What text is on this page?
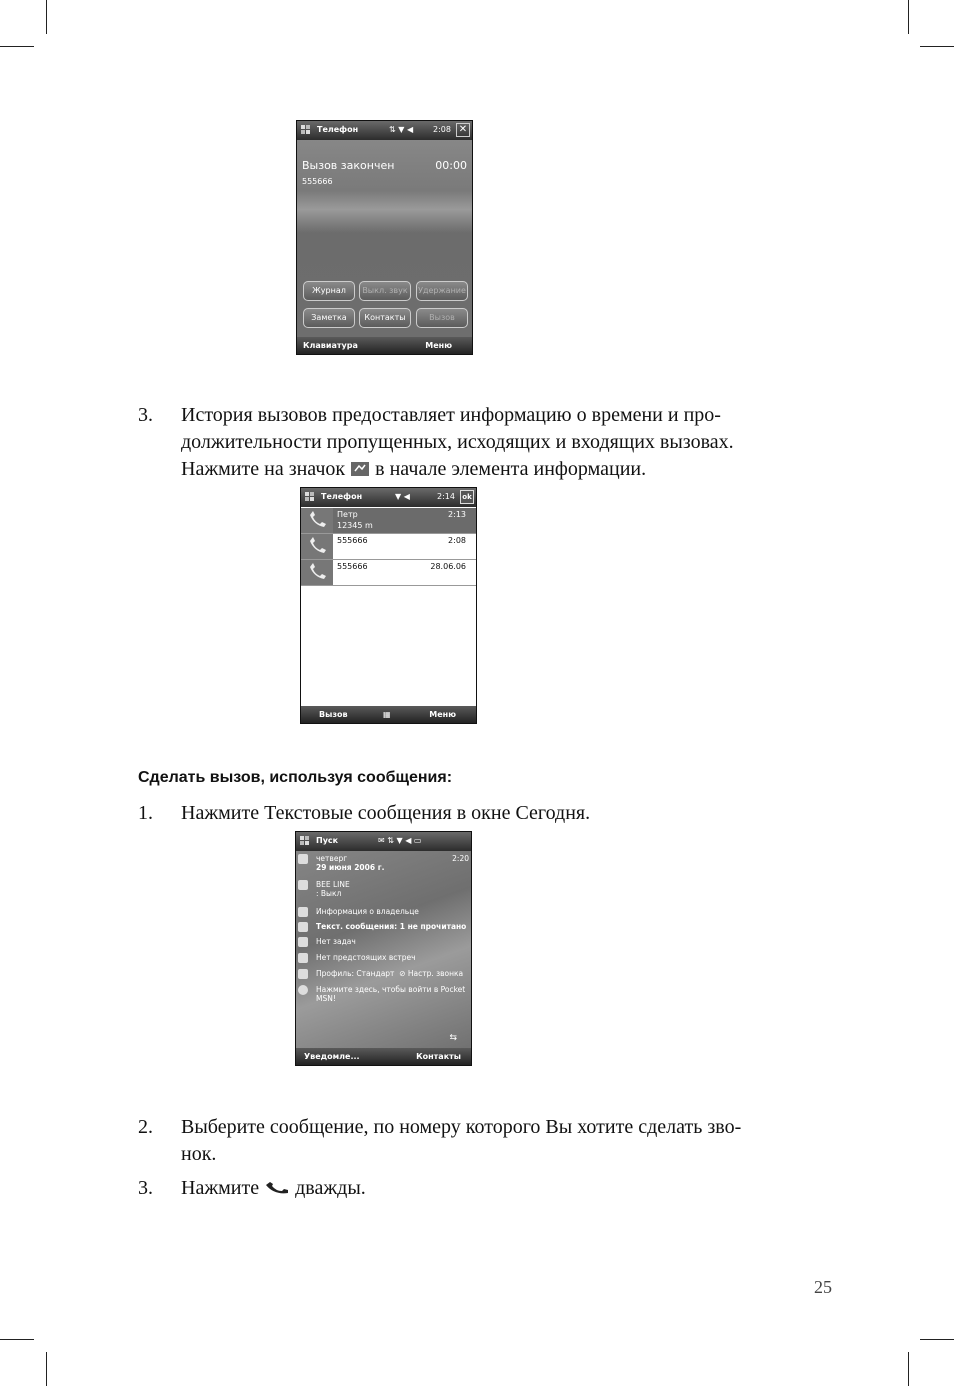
Телефон	⇅ ▼ ◀ 2:08 ✕
Вызов закончен	00:00
555666
Журнал	Выкл. звук	Удержание
Заметка	Контакты	Вызов
Клавиатура	Меню
3. История вызовов предоставляет информацию о времени и про-
должительности пропущенных, исходящих и входящих вызовах.
Нажмите на значок в начале элемента информации.
Телефон	▼ ◀	2:14	ok
Петр	2:13
12345 m
555666	2:08
555666	28.06.06
Вызов	▦	Меню
Сделать вызов, используя сообщения:
1. Нажмите Текстовые сообщения в окне Сегодня.
Пуск	✉ ⇅ ▼ ◀ ▭
четверг
29 июня 2006 г.
2:20
BEE LINE
: Выкл
Информация о владельце
Текст. сообщения: 1 не прочитано
Нет задач
Нет предстоящих встреч
Профиль: Стандарт  ⊘ Настр. звонка
Нажмите здесь, чтобы войти в Pocket
MSN!
⇆
Уведомле...	Контакты
2. Выберите сообщение, по номеру которого Вы хотите сделать зво-
нок.
3. Нажмите дважды.
25
